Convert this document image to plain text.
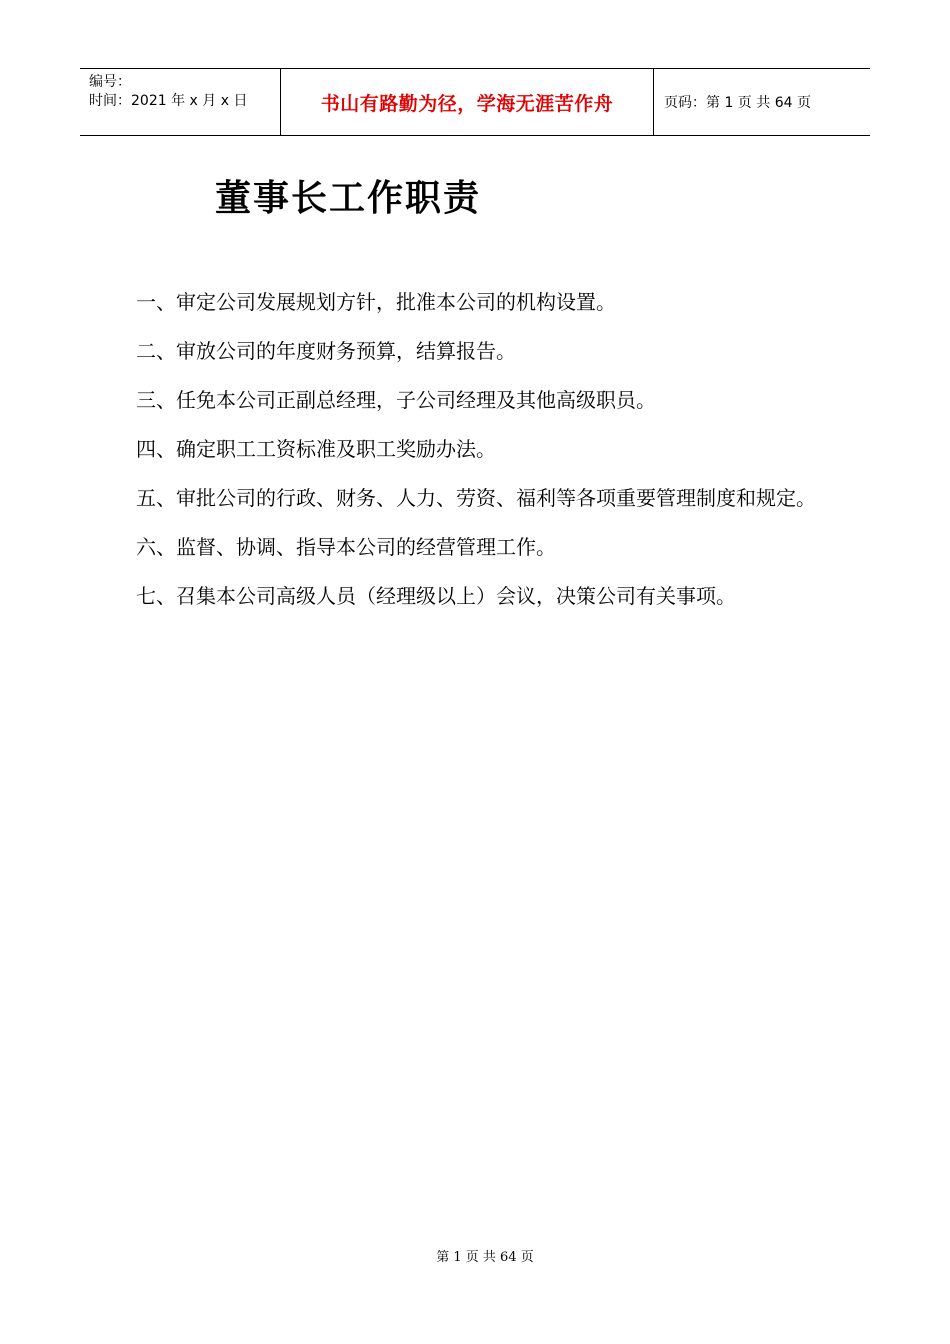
编号：
时间：2021 年 x 月 x 日	书山有路勤为径，学海无涯苦作舟	页码：第 1 页 共 64 页
董事长工作职责

一、审定公司发展规划方针，批准本公司的机构设置。

二、审放公司的年度财务预算，结算报告。

三、任免本公司正副总经理，子公司经理及其他高级职员。

四、确定职工工资标准及职工奖励办法。

五、审批公司的行政、财务、人力、劳资、福利等各项重要管理制度和规定。

六、监督、协调、指导本公司的经营管理工作。

七、召集本公司高级人员（经理级以上）会议，决策公司有关事项。

第 1 页 共 64 页
